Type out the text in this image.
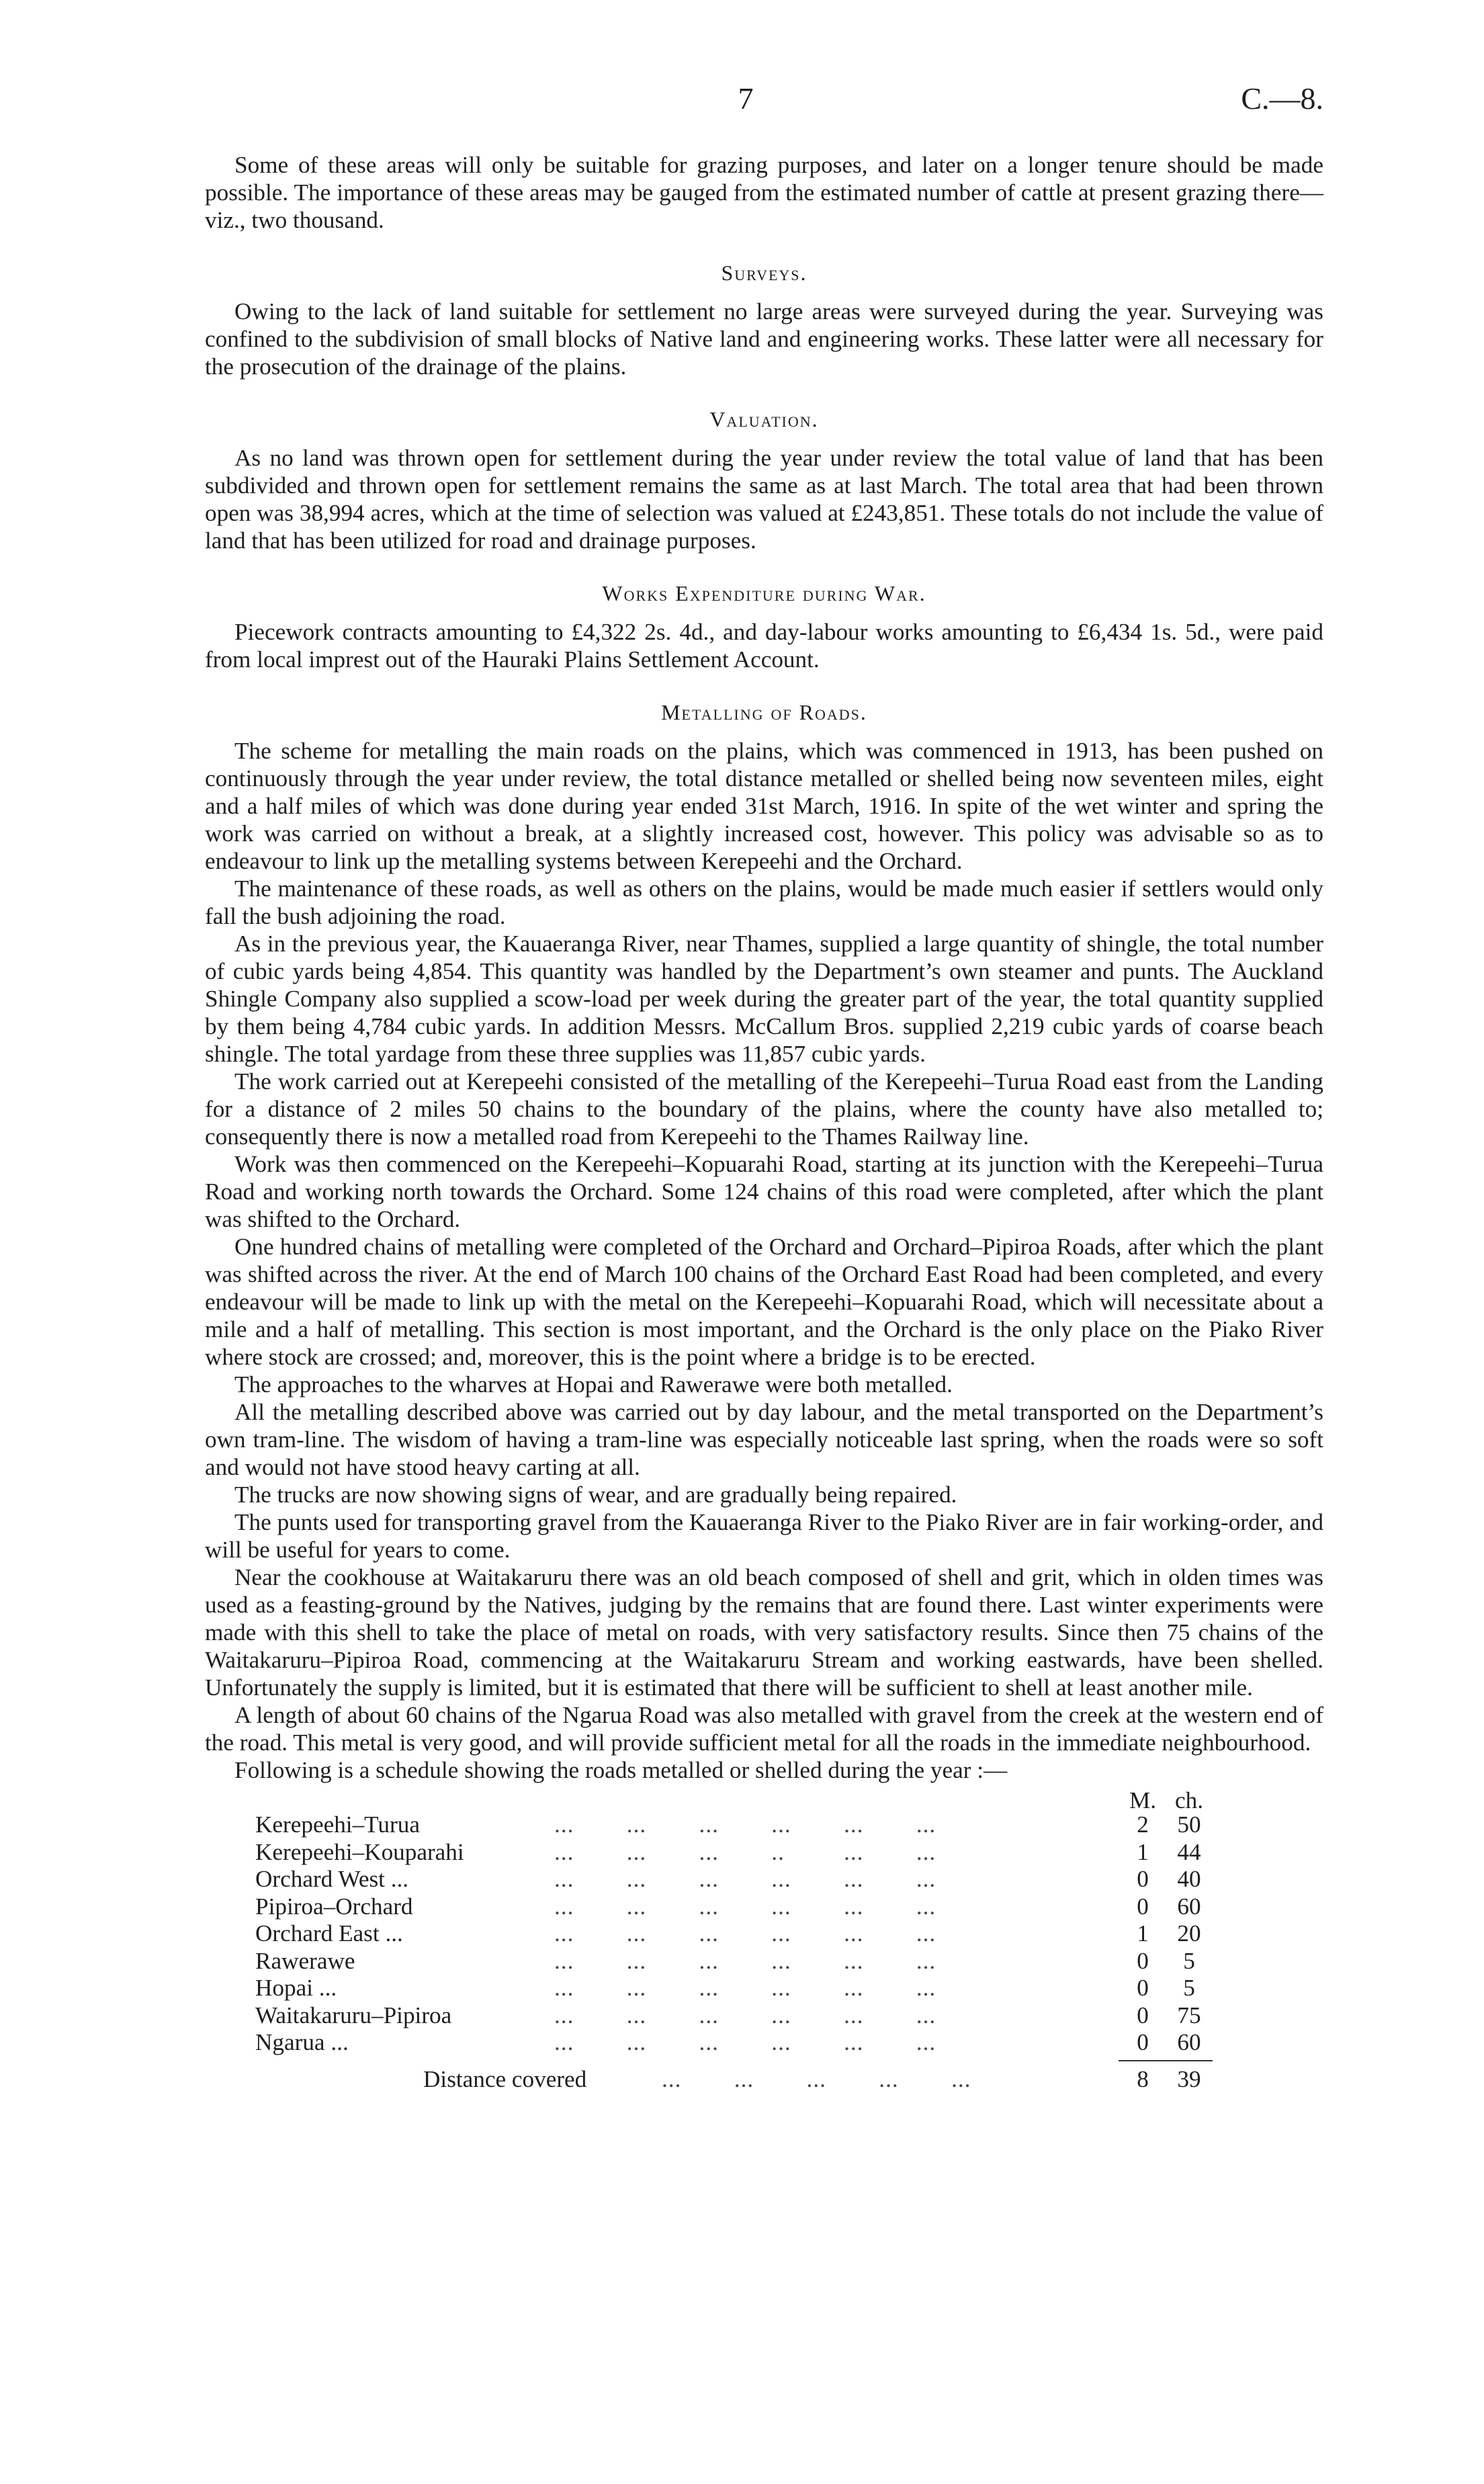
7	C.—8.

Some of these areas will only be suitable for grazing purposes, and later on a longer tenure should be made possible. The importance of these areas may be gauged from the estimated number of cattle at present grazing there—viz., two thousand.

Surveys.

Owing to the lack of land suitable for settlement no large areas were surveyed during the year. Surveying was confined to the subdivision of small blocks of Native land and engineering works. These latter were all necessary for the prosecution of the drainage of the plains.

Valuation.

As no land was thrown open for settlement during the year under review the total value of land that has been subdivided and thrown open for settlement remains the same as at last March. The total area that had been thrown open was 38,994 acres, which at the time of selection was valued at £243,851. These totals do not include the value of land that has been utilized for road and drainage purposes.

Works Expenditure during War.

Piecework contracts amounting to £4,322 2s. 4d., and day-labour works amounting to £6,434 1s. 5d., were paid from local imprest out of the Hauraki Plains Settlement Account.

Metalling of Roads.

The scheme for metalling the main roads on the plains, which was commenced in 1913, has been pushed on continuously through the year under review, the total distance metalled or shelled being now seventeen miles, eight and a half miles of which was done during year ended 31st March, 1916. In spite of the wet winter and spring the work was carried on without a break, at a slightly increased cost, however. This policy was advisable so as to endeavour to link up the metalling systems between Kerepeehi and the Orchard.

The maintenance of these roads, as well as others on the plains, would be made much easier if settlers would only fall the bush adjoining the road.

As in the previous year, the Kauaeranga River, near Thames, supplied a large quantity of shingle, the total number of cubic yards being 4,854. This quantity was handled by the Department’s own steamer and punts. The Auckland Shingle Company also supplied a scow-load per week during the greater part of the year, the total quantity supplied by them being 4,784 cubic yards. In addition Messrs. McCallum Bros. supplied 2,219 cubic yards of coarse beach shingle. The total yardage from these three supplies was 11,857 cubic yards.

The work carried out at Kerepeehi consisted of the metalling of the Kerepeehi–Turua Road east from the Landing for a distance of 2 miles 50 chains to the boundary of the plains, where the county have also metalled to; consequently there is now a metalled road from Kerepeehi to the Thames Railway line.

Work was then commenced on the Kerepeehi–Kopuarahi Road, starting at its junction with the Kerepeehi–Turua Road and working north towards the Orchard. Some 124 chains of this road were completed, after which the plant was shifted to the Orchard.

One hundred chains of metalling were completed of the Orchard and Orchard–Pipiroa Roads, after which the plant was shifted across the river. At the end of March 100 chains of the Orchard East Road had been completed, and every endeavour will be made to link up with the metal on the Kerepeehi–Kopuarahi Road, which will necessitate about a mile and a half of metalling. This section is most important, and the Orchard is the only place on the Piako River where stock are crossed; and, moreover, this is the point where a bridge is to be erected.

The approaches to the wharves at Hopai and Rawerawe were both metalled.

All the metalling described above was carried out by day labour, and the metal transported on the Department’s own tram-line. The wisdom of having a tram-line was especially noticeable last spring, when the roads were so soft and would not have stood heavy carting at all.

The trucks are now showing signs of wear, and are gradually being repaired.

The punts used for transporting gravel from the Kauaeranga River to the Piako River are in fair working-order, and will be useful for years to come.

Near the cookhouse at Waitakaruru there was an old beach composed of shell and grit, which in olden times was used as a feasting-ground by the Natives, judging by the remains that are found there. Last winter experiments were made with this shell to take the place of metal on roads, with very satisfactory results. Since then 75 chains of the Waitakaruru–Pipiroa Road, commencing at the Waitakaruru Stream and working eastwards, have been shelled. Unfortunately the supply is limited, but it is estimated that there will be sufficient to shell at least another mile.

A length of about 60 chains of the Ngarua Road was also metalled with gravel from the creek at the western end of the road. This metal is very good, and will provide sufficient metal for all the roads in the immediate neighbourhood.

Following is a schedule showing the roads metalled or shelled during the year :—

M. ch.
Kerepeehi–Turua	...        ...        ...        ...        ...        ...	2	50
Kerepeehi–Kouparahi	...        ...        ...        ..         ...        ...	1	44
Orchard West ...	...        ...        ...        ...        ...        ...	0	40
Pipiroa–Orchard	...        ...        ...        ...        ...        ...	0	60
Orchard East ...	...        ...        ...        ...        ...        ...	1	20
Rawerawe	...        ...        ...        ...        ...        ...	0	5
Hopai ...	...        ...        ...        ...        ...        ...	0	5
Waitakaruru–Pipiroa	...        ...        ...        ...        ...        ...	0	75
Ngarua ...	...        ...        ...        ...        ...        ...	0	60
Distance covered	...        ...        ...        ...        ...	8	39
